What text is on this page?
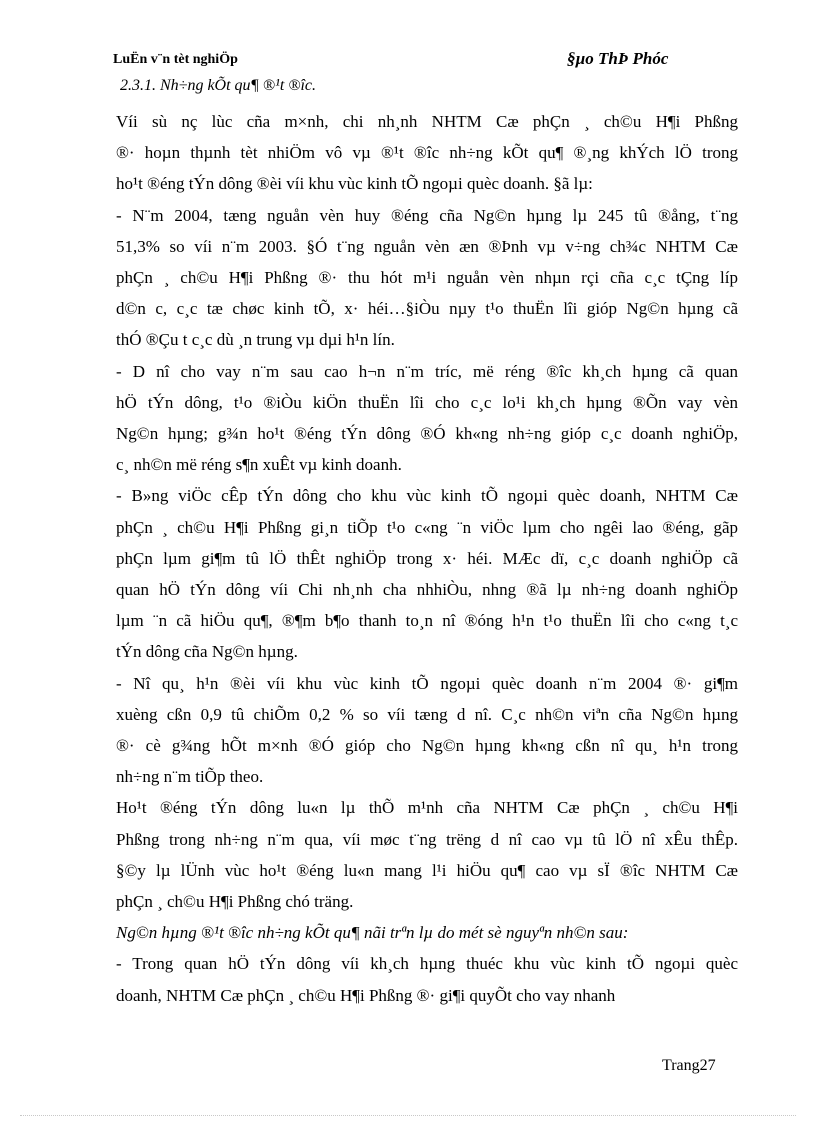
LuËn v¨n tèt nghiÖp	§µo ThÞ Phóc
2.3.1. Nh÷ng kÕt qu¶ ®¹t ®îc.

Víi sù nç lùc cña m×nh, chi nh¸nh NHTM Cæ phÇn ¸ ch©u H¶i Phßng
®· hoµn thµnh tèt nhiÖm vô vµ ®¹t ®îc nh÷ng kÕt qu¶ ®¸ng khÝch lÖ trong
ho¹t ®éng tÝn dông ®èi víi khu vùc kinh tÕ ngoµi quèc doanh. §ã lµ:

- N¨m 2004, tæng nguån vèn huy ®éng cña Ng©n hµng lµ 245 tû ®ång, t¨ng
51,3% so víi n¨m 2003. §Ó t¨ng nguån vèn æn ®Þnh vµ v÷ng ch¾c NHTM Cæ
phÇn ¸ ch©u H¶i Phßng ®· thu hót m¹i nguån vèn nhµn rçi cña c¸c tÇng líp
d©n c, c¸c tæ chøc kinh tÕ, x· héi…§iÒu nµy t¹o thuËn lîi gióp Ng©n hµng cã
thÓ ®Çu t c¸c dù ¸n trung vµ dµi h¹n lín.

- D nî cho vay n¨m sau cao h¬n n¨m tríc, më réng ®îc kh¸ch hµng cã quan
hÖ tÝn dông, t¹o ®iÒu kiÖn thuËn lîi cho c¸c lo¹i kh¸ch hµng ®Õn vay vèn
Ng©n hµng; g¾n ho¹t ®éng tÝn dông ®Ó kh«ng nh÷ng gióp c¸c doanh nghiÖp,
c¸ nh©n më réng s¶n xuÊt vµ kinh doanh.

- B»ng viÖc cÊp tÝn dông cho khu vùc kinh tÕ ngoµi quèc doanh, NHTM Cæ
phÇn ¸ ch©u H¶i Phßng gi¸n tiÕp t¹o c«ng ¨n viÖc lµm cho ngêi lao ®éng, gãp
phÇn lµm gi¶m tû lÖ thÊt nghiÖp trong x· héi. MÆc dï, c¸c doanh nghiÖp cã
quan hÖ tÝn dông víi Chi nh¸nh cha nhhiÒu, nhng ®ã lµ nh÷ng doanh nghiÖp
lµm ¨n cã hiÖu qu¶, ®¶m b¶o thanh to¸n nî ®óng h¹n t¹o thuËn lîi cho c«ng t¸c
tÝn dông cña Ng©n hµng.

- Nî qu¸ h¹n ®èi víi khu vùc kinh tÕ ngoµi quèc doanh n¨m 2004 ®· gi¶m
xuèng cßn 0,9 tû chiÕm 0,2 % so víi tæng d nî. C¸c nh©n viªn cña Ng©n hµng
®· cè g¾ng hÕt m×nh ®Ó gióp cho Ng©n hµng kh«ng cßn nî qu¸ h¹n trong
nh÷ng n¨m tiÕp theo.

Ho¹t ®éng tÝn dông lu«n lµ thÕ m¹nh cña NHTM Cæ phÇn ¸ ch©u H¶i
Phßng trong nh÷ng n¨m qua, víi møc t¨ng trëng d nî cao vµ tû lÖ nî xÊu thÊp.
§©y lµ lÜnh vùc ho¹t ®éng lu«n mang l¹i hiÖu qu¶ cao vµ sÏ ®îc NHTM Cæ
phÇn ¸ ch©u H¶i Phßng chó träng.

Ng©n hµng ®¹t ®îc nh÷ng kÕt qu¶ nãi trªn lµ do mét sè nguyªn nh©n sau:

- Trong quan hÖ tÝn dông víi kh¸ch hµng thuéc khu vùc kinh tÕ ngoµi quèc
doanh, NHTM Cæ phÇn ¸ ch©u H¶i Phßng ®· gi¶i quyÕt cho vay nhanh

Trang27
